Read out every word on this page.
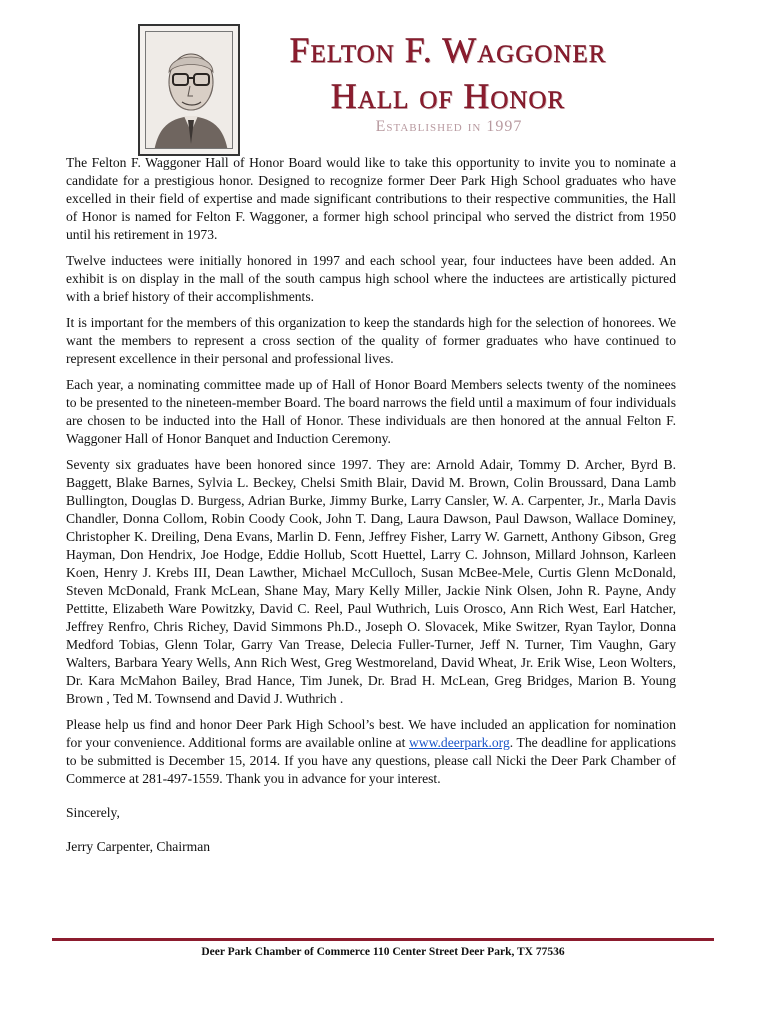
Felton F. Waggoner
Hall of Honor
Established in 1997

The Felton F. Waggoner Hall of Honor Board would like to take this opportunity to invite you to nominate a candidate for a prestigious honor. Designed to recognize former Deer Park High School graduates who have excelled in their field of expertise and made significant contributions to their respective communities, the Hall of Honor is named for Felton F. Waggoner, a former high school principal who served the district from 1950 until his retirement in 1973.

Twelve inductees were initially honored in 1997 and each school year, four inductees have been added. An exhibit is on display in the mall of the south campus high school where the inductees are artistically pictured with a brief history of their accomplishments.

It is important for the members of this organization to keep the standards high for the selection of honorees. We want the members to represent a cross section of the quality of former graduates who have continued to represent excellence in their personal and professional lives.

Each year, a nominating committee made up of Hall of Honor Board Members selects twenty of the nominees to be presented to the nineteen-member Board. The board narrows the field until a maximum of four individuals are chosen to be inducted into the Hall of Honor. These individuals are then honored at the annual Felton F. Waggoner Hall of Honor Banquet and Induction Ceremony.

Seventy six graduates have been honored since 1997. They are: Arnold Adair, Tommy D. Archer, Byrd B. Baggett, Blake Barnes, Sylvia L. Beckey, Chelsi Smith Blair, David M. Brown, Colin Broussard, Dana Lamb Bullington, Douglas D. Burgess, Adrian Burke, Jimmy Burke, Larry Cansler, W. A. Carpenter, Jr., Marla Davis Chandler, Donna Collom, Robin Coody Cook, John T. Dang, Laura Dawson, Paul Dawson, Wallace Dominey, Christopher K. Dreiling, Dena Evans, Marlin D. Fenn, Jeffrey Fisher, Larry W. Garnett, Anthony Gibson, Greg Hayman, Don Hendrix, Joe Hodge, Eddie Hollub, Scott Huettel, Larry C. Johnson, Millard Johnson, Karleen Koen, Henry J. Krebs III, Dean Lawther, Michael McCulloch, Susan McBee-Mele, Curtis Glenn McDonald, Steven McDonald, Frank McLean, Shane May, Mary Kelly Miller, Jackie Nink Olsen, John R. Payne, Andy Pettitte, Elizabeth Ware Powitzky, David C. Reel, Paul Wuthrich, Luis Orosco, Ann Rich West, Earl Hatcher, Jeffrey Renfro, Chris Richey, David Simmons Ph.D., Joseph O. Slovacek, Mike Switzer, Ryan Taylor, Donna Medford Tobias, Glenn Tolar, Garry Van Trease, Delecia Fuller-Turner, Jeff N. Turner, Tim Vaughn, Gary Walters, Barbara Yeary Wells, Ann Rich West, Greg Westmoreland, David Wheat, Jr. Erik Wise, Leon Wolters, Dr. Kara McMahon Bailey, Brad Hance, Tim Junek, Dr. Brad H. McLean, Greg Bridges, Marion B. Young Brown , Ted M. Townsend and David J. Wuthrich .

Please help us find and honor Deer Park High School’s best. We have included an application for nomination for your convenience. Additional forms are available online at www.deerpark.org. The deadline for applications to be submitted is December 15, 2014. If you have any questions, please call Nicki the Deer Park Chamber of Commerce at 281-497-1559. Thank you in advance for your interest.

Sincerely,

Jerry Carpenter, Chairman

Deer Park Chamber of Commerce 110 Center Street Deer Park, TX 77536
